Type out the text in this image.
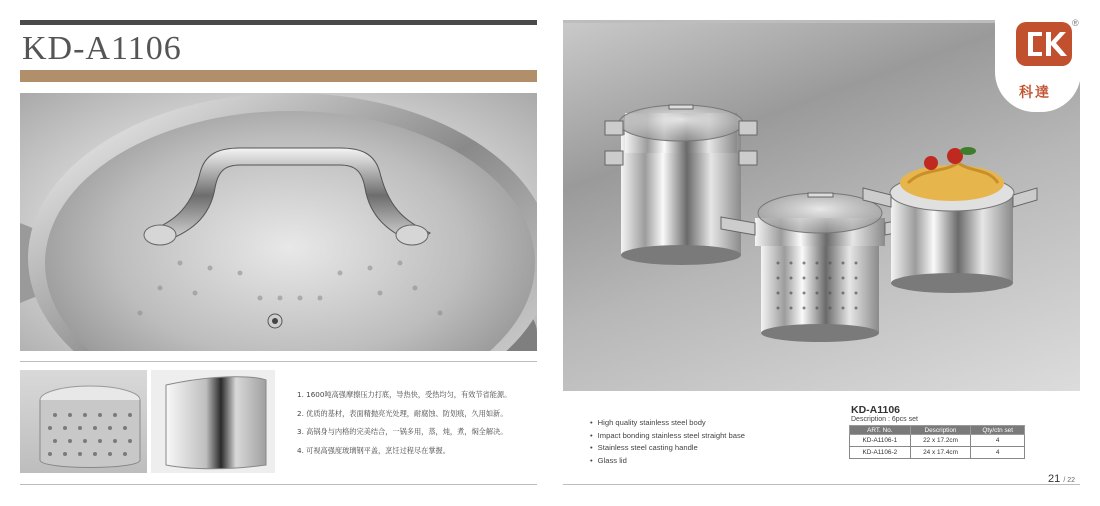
KD-A1106
1. 1600吨高强摩擦压力打底，导热快，受热均匀，有效节省能源。
2. 优质的基材，表面精抛亮光处理，耐腐蚀、防划痕，久用如新。
3. 高锅身与内格的完美结合，一锅多用，蒸，炖，煮，焖全解决。
4. 可视高强度玻璃钢平盖，烹饪过程尽在掌握。
®
科達
• High quality stainless steel body
• Impact bonding stainless steel straight base
• Stainless steel casting handle
• Glass lid
KD-A1106
Description : 6pcs set
ART. No.	Description	Qty/ctn set
KD-A1106-1	22 x 17.2cm	4
KD-A1106-2	24 x 17.4cm	4
21 / 22
